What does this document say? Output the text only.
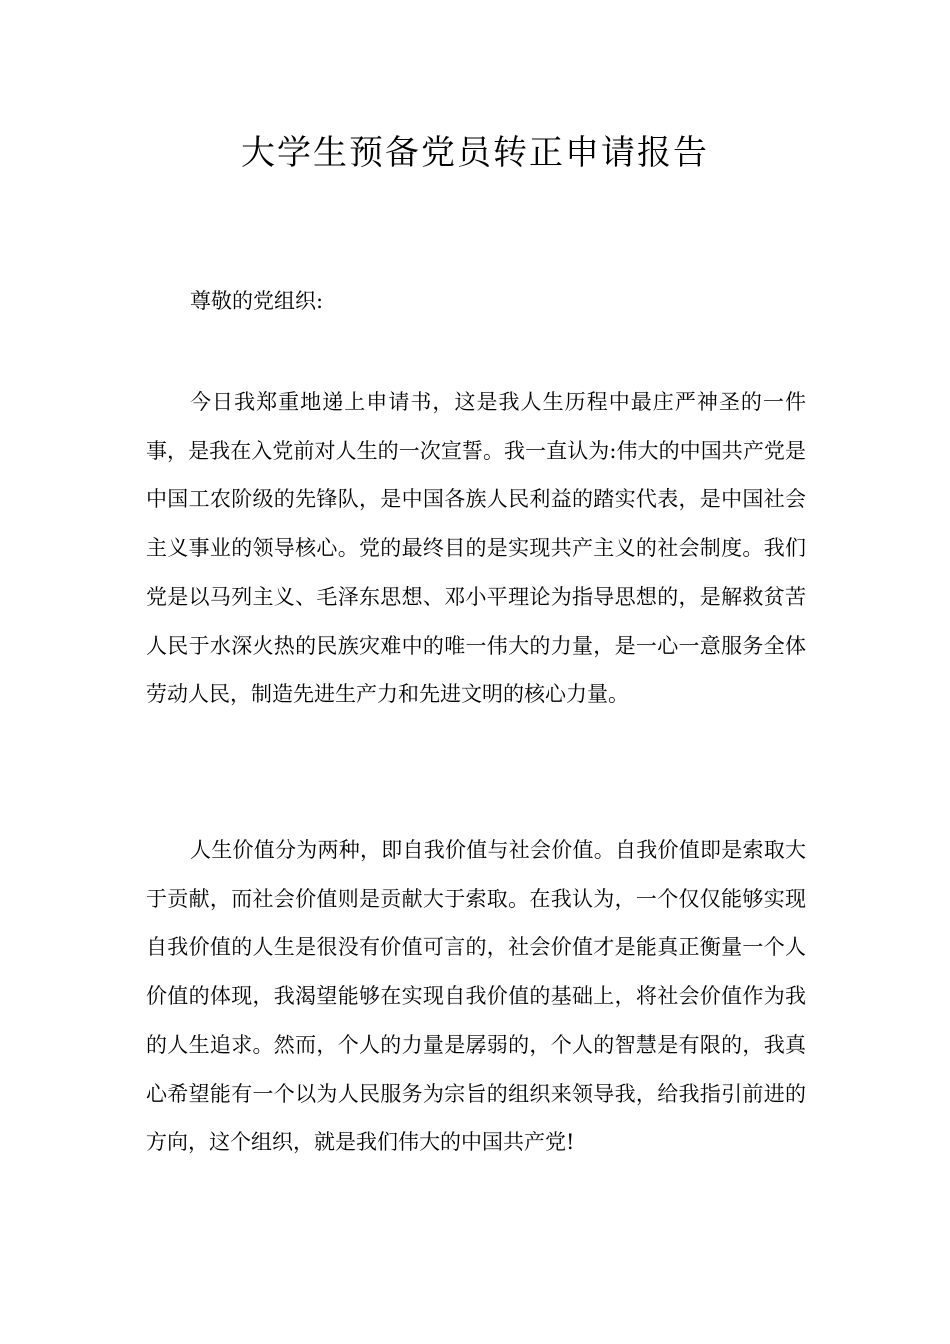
大学生预备党员转正申请报告

尊敬的党组织:

今日我郑重地递上申请书，这是我人生历程中最庄严神圣的一件事，是我在入党前对人生的一次宣誓。我一直认为:伟大的中国共产党是中国工农阶级的先锋队，是中国各族人民利益的踏实代表，是中国社会主义事业的领导核心。党的最终目的是实现共产主义的社会制度。我们党是以马列主义、毛泽东思想、邓小平理论为指导思想的，是解救贫苦人民于水深火热的民族灾难中的唯一伟大的力量，是一心一意服务全体劳动人民，制造先进生产力和先进文明的核心力量。

人生价值分为两种，即自我价值与社会价值。自我价值即是索取大于贡献，而社会价值则是贡献大于索取。在我认为，一个仅仅能够实现自我价值的人生是很没有价值可言的，社会价值才是能真正衡量一个人价值的体现，我渴望能够在实现自我价值的基础上，将社会价值作为我的人生追求。然而，个人的力量是孱弱的，个人的智慧是有限的，我真心希望能有一个以为人民服务为宗旨的组织来领导我，给我指引前进的方向，这个组织，就是我们伟大的中国共产党!
